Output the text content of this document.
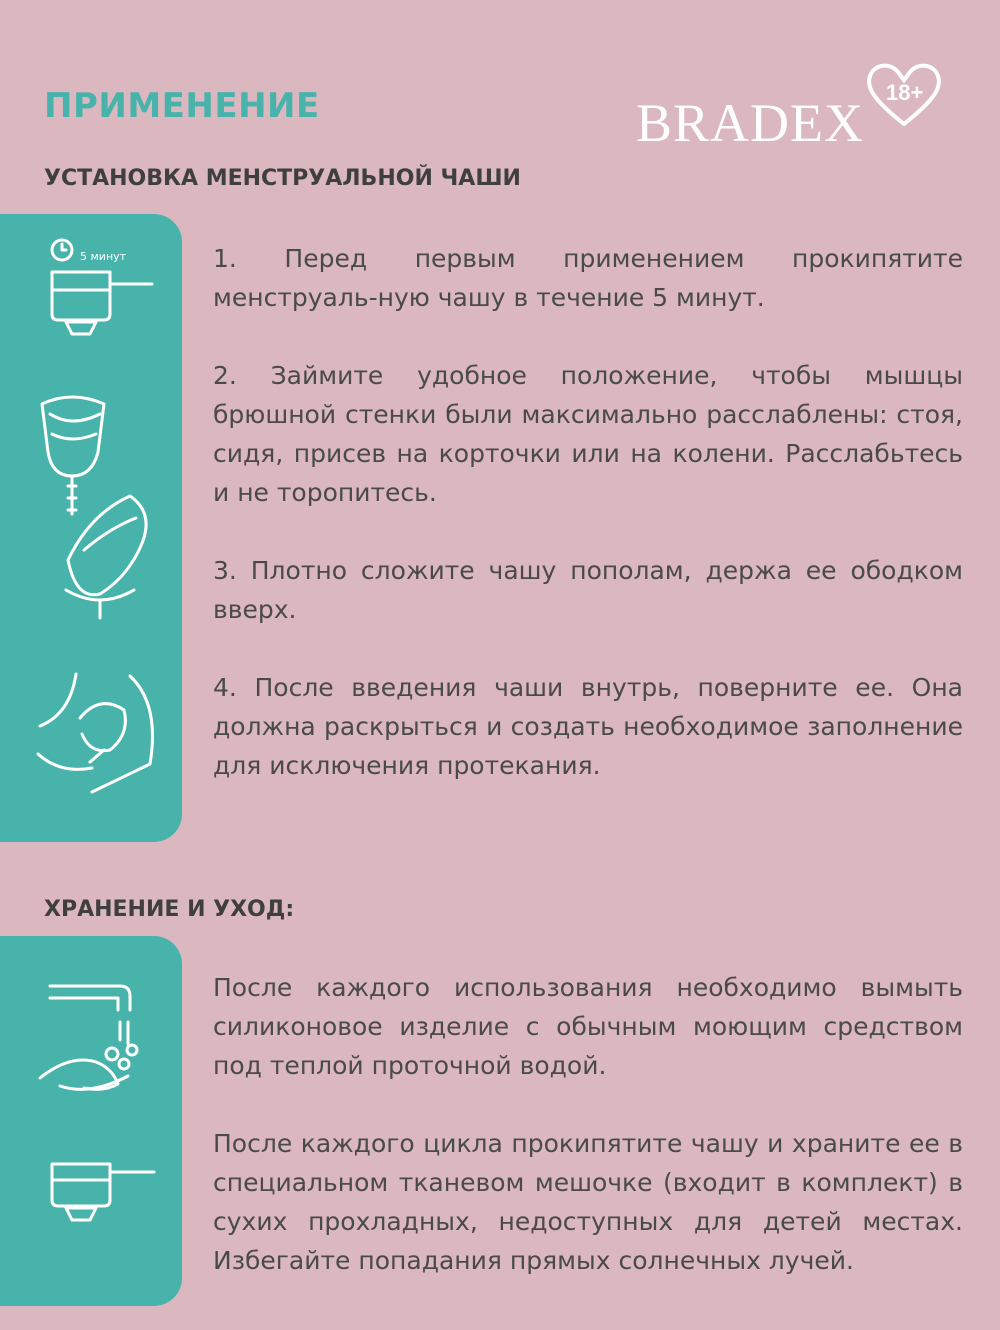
ПРИМЕНЕНИЕ	BRADEX
18+
УСТАНОВКА МЕНСТРУАЛЬНОЙ ЧАШИ
5 минут	1. Перед первым применением прокипятите менструаль-ную чашу в течение 5 минут.

2. Займите удобное положение, чтобы мышцы брюшной стенки были максимально расслаблены: стоя, сидя, присев на корточки или на колени. Расслабьтесь и не торопитесь.

3. Плотно сложите чашу пополам, держа ее ободком вверх.

4. После введения чаши внутрь, поверните ее. Она должна раскрыться и создать необходимое заполнение для исключения протекания.

ХРАНЕНИЕ И УХОД:

После каждого использования необходимо вымыть силиконовое изделие с обычным моющим средством под теплой проточной водой.

После каждого цикла прокипятите чашу и храните ее в специальном тканевом мешочке (входит в комплект) в сухих прохладных, недоступных для детей местах. Избегайте попадания прямых солнечных лучей.
